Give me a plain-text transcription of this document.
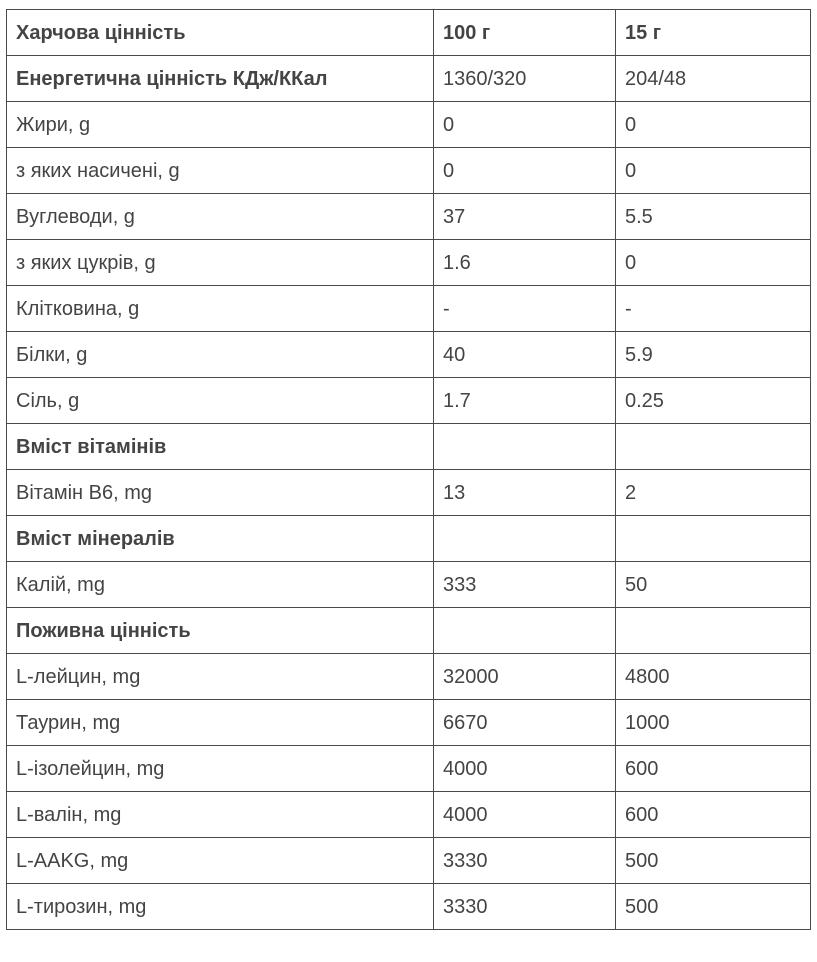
Харчова цінність	100 г	15 г
Енергетична цінність КДж/ККал	1360/320	204/48
Жири, g	0	0
з яких насичені, g	0	0
Вуглеводи, g	37	5.5
з яких цукрів, g	1.6	0
Клітковина, g	-	-
Білки, g	40	5.9
Сіль, g	1.7	0.25
Вміст вітамінів		
Вітамін В6, mg	13	2
Вміст мінералів		
Калій, mg	333	50
Поживна цінність		
L-лейцин, mg	32000	4800
Таурин, mg	6670	1000
L-ізолейцин, mg	4000	600
L-валін, mg	4000	600
L-AAKG, mg	3330	500
L-тирозин, mg	3330	500
